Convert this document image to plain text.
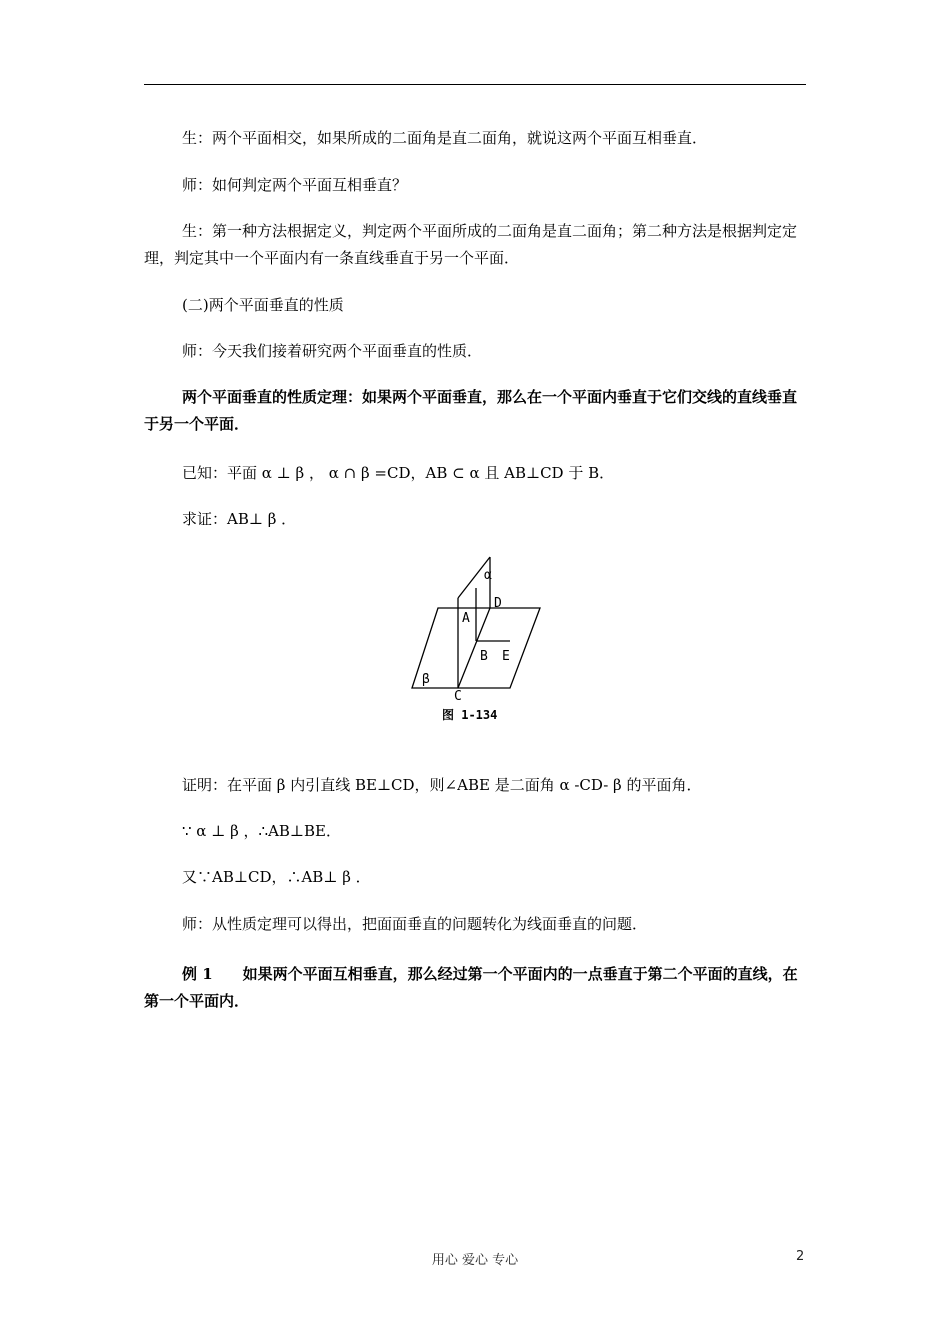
生：两个平面相交，如果所成的二面角是直二面角，就说这两个平面互相垂直．

师：如何判定两个平面互相垂直？

生：第一种方法根据定义，判定两个平面所成的二面角是直二面角；第二种方法是根据判定定理，判定其中一个平面内有一条直线垂直于另一个平面．

(二)两个平面垂直的性质

师：今天我们接着研究两个平面垂直的性质．

两个平面垂直的性质定理：如果两个平面垂直，那么在一个平面内垂直于它们交线的直线垂直于另一个平面．

已知：平面 α ⊥ β ， α ∩ β =CD，AB ⊂ α 且 AB⊥CD 于 B．

求证：AB⊥ β ．

α
D
A
B E
β
C
图 1-134

证明：在平面 β 内引直线 BE⊥CD，则∠ABE 是二面角 α -CD- β 的平面角．

∵ α ⊥ β ，∴AB⊥BE．

又∵AB⊥CD，∴AB⊥ β ．

师：从性质定理可以得出，把面面垂直的问题转化为线面垂直的问题．

例 1 如果两个平面互相垂直，那么经过第一个平面内的一点垂直于第二个平面的直线，在第一个平面内．

用心 爱心 专心	2
